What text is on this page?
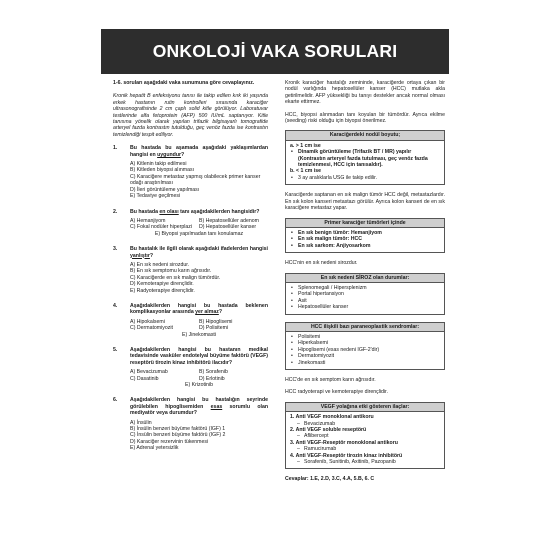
ONKOLOJİ VAKA SORULARI

1-6. soruları aşağıdaki vaka sunumuna göre cevaplayınız.

Kronik hepatit B enfeksiyonu tanısı ile takip edilen kırk iki yaşında erkek hastanın rutin kontrolleri sırasında karaciğer ultrasonografisinde 2 cm çaplı solid kitle görülüyor. Laboratuvar testlerinde alfa fetoprotein (AFP) 500 IU/mL saptanıyor. Kitle tanısına yönelik olarak yapılan trifazik bilgisayarlı tomografide arteryel fazda kontrastın tutulduğu, geç venöz fazda ise kontrastın temizlendiği tespit ediliyor.

1.	Bu hastada bu aşamada aşağıdaki yaklaşımlardan hangisi en uygundur?
A) Kitlenin takip edilmesi
B) Kitleden biyopsi alınması
C) Karaciğere metastaz yapmış olabilecek primer kanser odağı araştırılması
D) İleri görüntüleme yapılması
E) Tedaviye geçilmesi
2.	Bu hastada en olası tanı aşağıdakilerden hangisidir?
A) Hemanjiyom	B) Hepatosellüler adenom
C) Fokal nodüler hiperplazi	D) Hepatosellüler kanser
E) Biyopsi yapılmadan tanı konulamaz
3.	Bu hastalık ile ilgili olarak aşağıdaki ifadelerden hangisi yanlıştır?
A) En sık nedeni sirozdur.
B) En sık semptomu karın ağrısıdır.
C) Karaciğerde en sık malign tümördür.
D) Kemoterapiye dirençlidir.
E) Radyoterapiye dirençlidir.
4.	Aşağıdakilerden hangisi bu hastada beklenen komplikasyonlar arasında yer almaz?
A) Hipokalsemi	B) Hipoglisemi
C) Dermatomiyozit	D) Polisitemi
E) Jinekomasti
5.	Aşağıdakilerden hangisi bu hastanın medikal tedavisinde vasküler endotelyal büyüme faktörü (VEGF) reseptörü tirozin kinaz inhibitörü ilacıdır?
A) Bevacizumab	B) Sorafenib
C) Dasatinib	D) Erlotinib
E) Krizotinib
6.	Aşağıdakilerden hangisi bu hastalığın seyrinde görülebilen hipoglisemiden esas sorumlu olan mediyatör veya durumdur?
A) İnsülin
B) İnsülin benzeri büyüme faktörü (IGF) 1
C) İnsülin benzeri büyüme faktörü (IGF) 2
D) Karaciğer rezervinin tükenmesi
E) Adrenal yetersizlik

Kronik karaciğer hastalığı zemininde, karaciğerde ortaya çıkan bir nodül varlığında hepatosellüler kanser (HCC) mutlaka akla getirilmelidir. AFP yüksekliği bu tanıyı destekler ancak normal olması ekarte ettirmez.

HCC, biyopsi alınmadan tanı koyulan bir tümördür. Ayrıca ekilme (seeding) riski olduğu için biyopsi önerilmez.

Karaciğerdeki nodül boyutu;
a. > 1 cm ise
• Dinamik görüntüleme (Trifazik BT / MR) yapılır (Kontrastın arteryel fazda tutulması, geç venöz fazda temizlenmesi, HCC için tanısaldır).
b. < 1 cm ise
• 3 ay aralıklarla USG ile takip edilir.

Karaciğerde saptanan en sık malign tümör HCC değil, metastazlardır. En sık kolon kanseri metastazı görülür. Ayrıca kolon kanseri de en sık karaciğere metastaz yapar.

Primer karaciğer tümörleri içinde
• En sık benign tümör: Hemanjiyom
• En sık malign tümör: HCC
• En sık sarkom: Anjiyosarkom

HCC'nin en sık nedeni sirozdur.

En sık nedeni SİROZ olan durumlar:
• Splenomegali / Hipersplenizm
• Portal hipertansiyon
• Asit
• Hepatosellüler kanser
HCC ilişkili bazı paraneoplastik sendromlar:
• Polisitemi
• Hiperkalsemi
• Hipoglisemi (esas nedeni IGF-2'dir)
• Dermatomiyozit
• Jinekomasti

HCC'de en sık semptom karın ağrısıdır.

HCC radyoterapi ve kemoterapiye dirençlidir.

VEGF yolağına etki gösteren ilaçlar:
1. Anti VEGF monoklonal antikoru
– Bevacizumab
2. Anti VEGF soluble reseptörü
– Aflibercept
3. Anti VEGF-Reseptör monoklonal antikoru
– Ramucirumab
4. Anti VEGF-Reseptör tirozin kinaz inhibitörü
– Sorafenib, Sunitinib, Axitinib, Pazopanib

Cevaplar: 1.E, 2.D, 3.C, 4.A, 5.B, 6. C
